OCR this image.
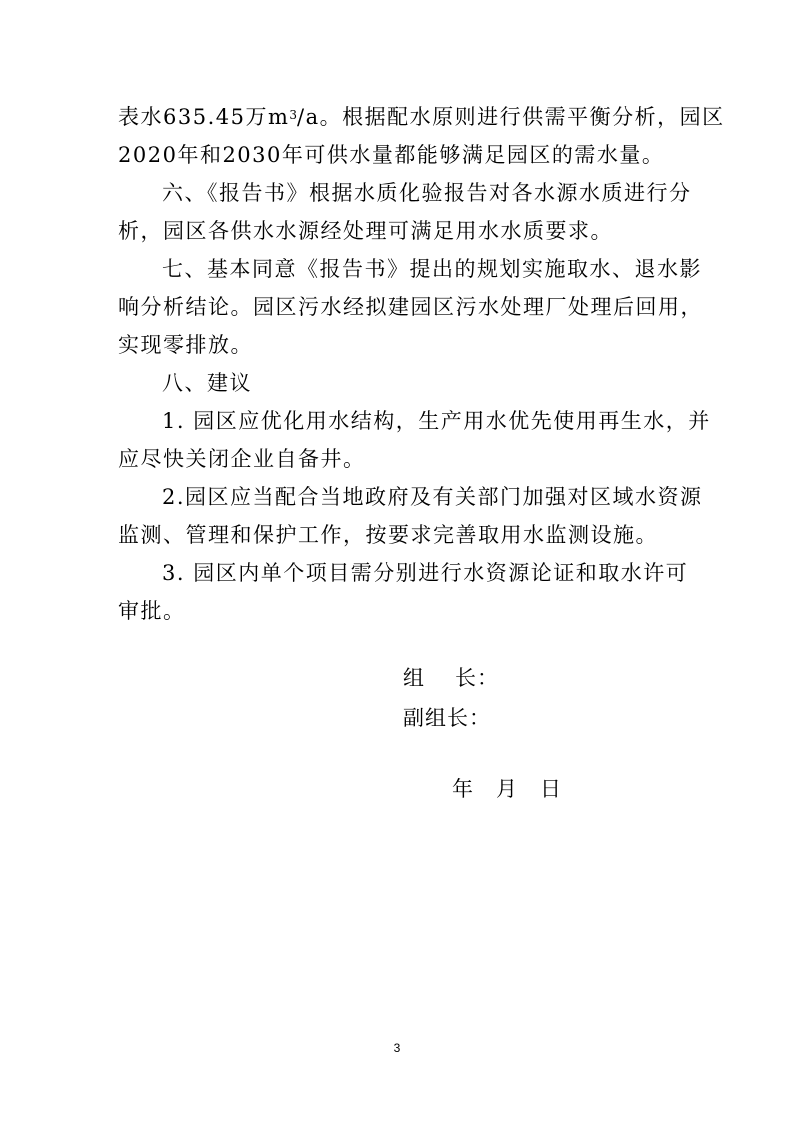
表水635.45万$m^3/a$。根据配水原则进行供需平衡分析，园区
2020年和2030年可供水量都能够满足园区的需水量。
六、《报告书》根据水质化验报告对各水源水质进行分
析，园区各供水水源经处理可满足用水水质要求。
七、基本同意《报告书》提出的规划实施取水、退水影
响分析结论。园区污水经拟建园区污水处理厂处理后回用，
实现零排放。
八、建议
1. 园区应优化用水结构，生产用水优先使用再生水，并
应尽快关闭企业自备井。
2.园区应当配合当地政府及有关部门加强对区域水资源
监测、管理和保护工作，按要求完善取用水监测设施。
3. 园区内单个项目需分别进行水资源论证和取水许可
审批。
组 长：
副组长：
年 月 日
3
